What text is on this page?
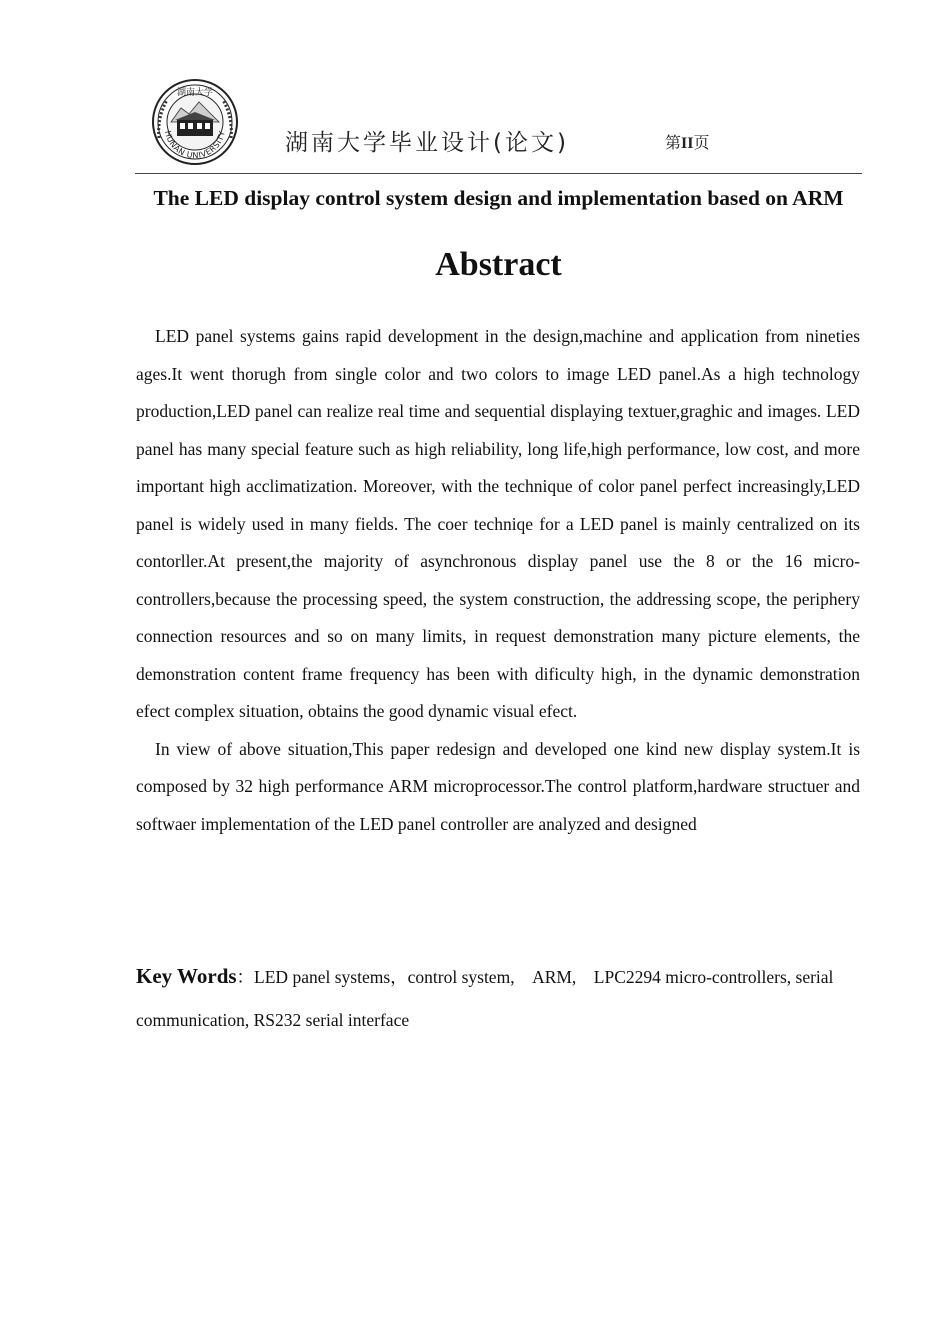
HUNAN UNIVERSITY
湖南大学
湖南大学毕业设计(论文)	第II页
The LED display control system design and implementation based on ARM
Abstract

LED panel systems gains rapid development in the design,machine and application from nineties ages.It went thorugh from single color and two colors to image LED panel.As a high technology production,LED panel can realize real time and sequential displaying textuer,graghic and images. LED panel has many special feature such as high reliability, long life,high performance, low cost, and more important high acclimatization. Moreover, with the technique of color panel perfect increasingly,LED panel is widely used in many fields. The coer techniqe for a LED panel is mainly centralized on its contorller.At present,the majority of asynchronous display panel use the 8 or the 16 micro-controllers,because the processing speed, the system construction, the addressing scope, the periphery connection resources and so on many limits, in request demonstration many picture elements, the demonstration content frame frequency has been with dificulty high, in the dynamic demonstration efect complex situation, obtains the good dynamic visual efect.

In view of above situation,This paper redesign and developed one kind new display system.It is composed by 32 high performance ARM microprocessor.The control platform,hardware structuer and softwaer implementation of the LED panel controller are analyzed and designed

Key Words：LED panel systems，control system,　ARM,　LPC2294 micro-controllers, serial communication, RS232 serial interface
